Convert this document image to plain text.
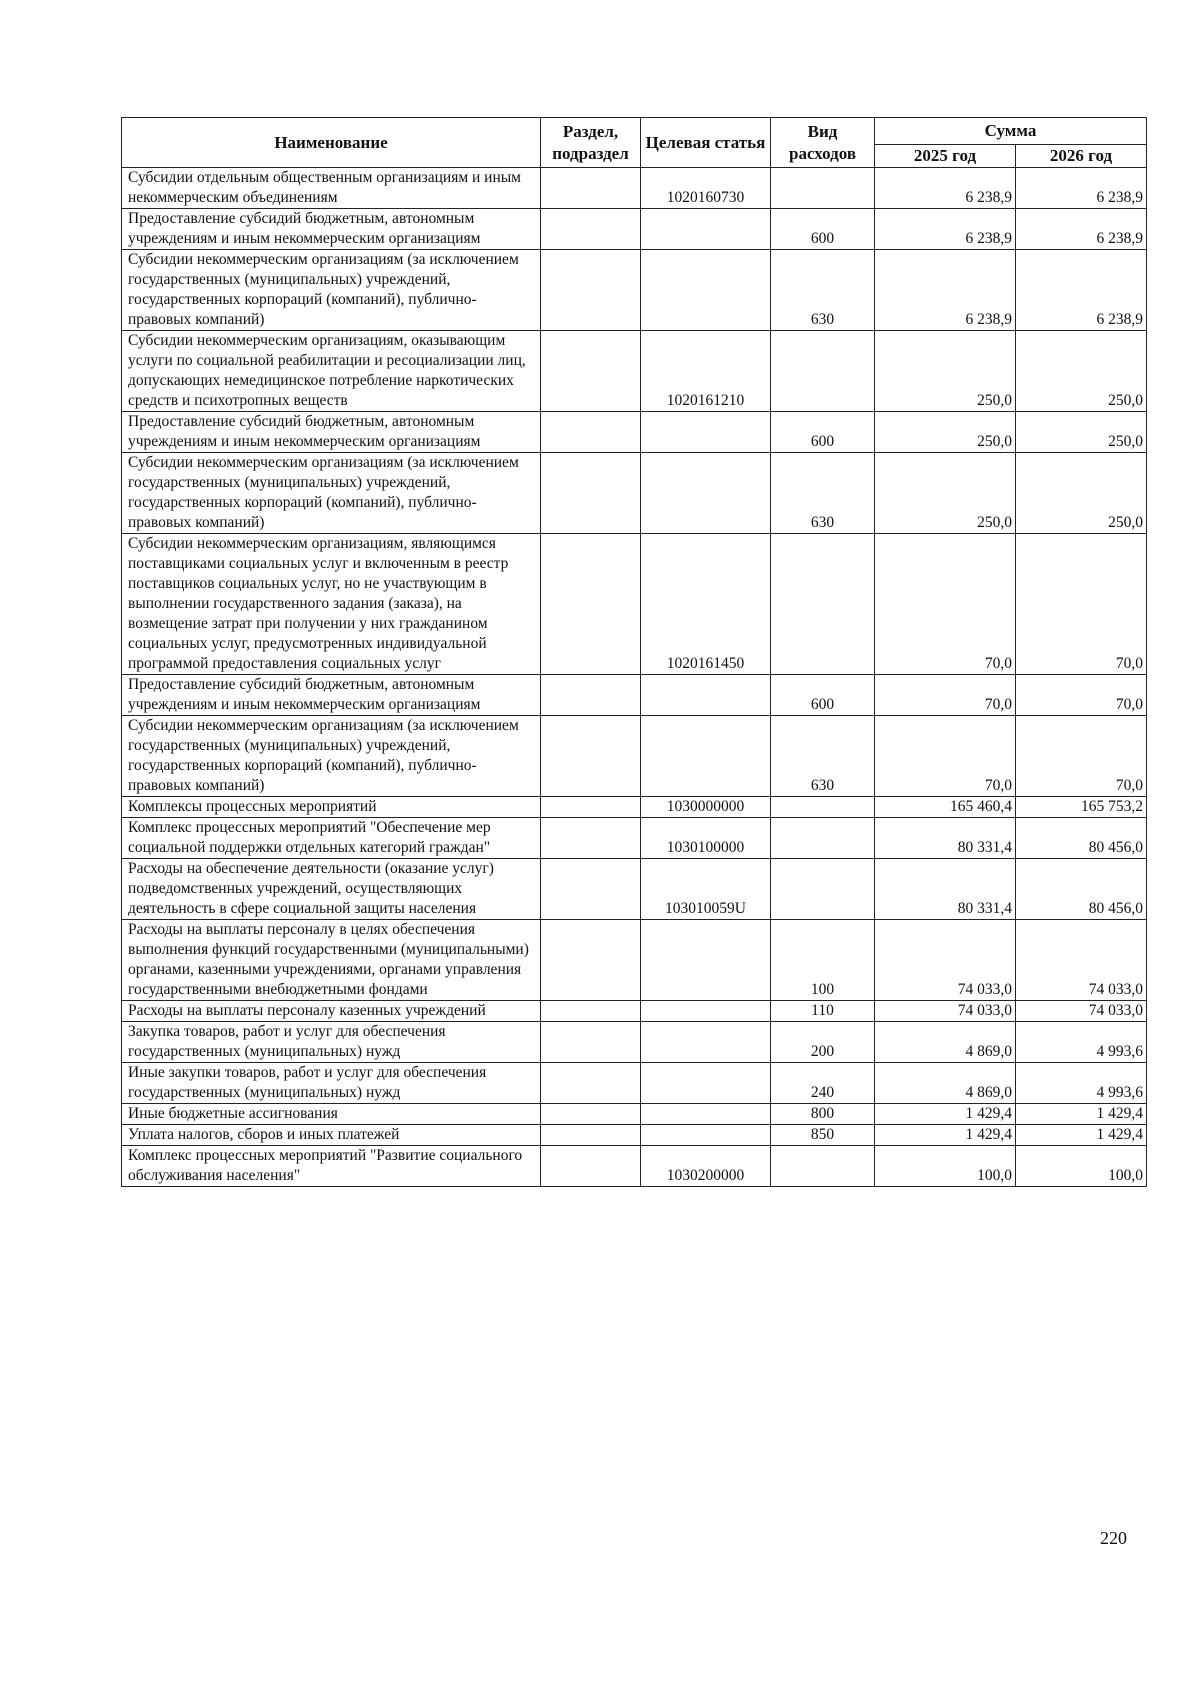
Наименование	Раздел, подраздел	Целевая статья	Вид расходов	Сумма	
				2025 год	2026 год
Субсидии отдельным общественным организациям и иным некоммерческим объединениям		1020160730		6 238,9	6 238,9
Предоставление субсидий бюджетным, автономным учреждениям и иным некоммерческим организациям			600	6 238,9	6 238,9
Субсидии некоммерческим организациям (за исключением государственных (муниципальных) учреждений, государственных корпораций (компаний), публично-правовых компаний)			630	6 238,9	6 238,9
Субсидии некоммерческим организациям, оказывающим услуги по социальной реабилитации и ресоциализации лиц, допускающих немедицинское потребление наркотических средств и психотропных веществ		1020161210		250,0	250,0
Предоставление субсидий бюджетным, автономным учреждениям и иным некоммерческим организациям			600	250,0	250,0
Субсидии некоммерческим организациям (за исключением государственных (муниципальных) учреждений, государственных корпораций (компаний), публично-правовых компаний)			630	250,0	250,0
Субсидии некоммерческим организациям, являющимся поставщиками социальных услуг и включенным в реестр поставщиков социальных услуг, но не участвующим в выполнении государственного задания (заказа), на возмещение затрат при получении у них гражданином социальных услуг, предусмотренных индивидуальной программой предоставления социальных услуг		1020161450		70,0	70,0
Предоставление субсидий бюджетным, автономным учреждениям и иным некоммерческим организациям			600	70,0	70,0
Субсидии некоммерческим организациям (за исключением государственных (муниципальных) учреждений, государственных корпораций (компаний), публично-правовых компаний)			630	70,0	70,0
Комплексы процессных мероприятий		1030000000		165 460,4	165 753,2
Комплекс процессных мероприятий "Обеспечение мер социальной поддержки отдельных категорий граждан"		1030100000		80 331,4	80 456,0
Расходы на обеспечение деятельности (оказание услуг) подведомственных учреждений, осуществляющих деятельность в сфере социальной защиты населения		103010059U		80 331,4	80 456,0
Расходы на выплаты персоналу в целях обеспечения выполнения функций государственными (муниципальными) органами, казенными учреждениями, органами управления государственными внебюджетными фондами			100	74 033,0	74 033,0
Расходы на выплаты персоналу казенных учреждений			110	74 033,0	74 033,0
Закупка товаров, работ и услуг для обеспечения государственных (муниципальных) нужд			200	4 869,0	4 993,6
Иные закупки товаров, работ и услуг для обеспечения государственных (муниципальных) нужд			240	4 869,0	4 993,6
Иные бюджетные ассигнования			800	1 429,4	1 429,4
Уплата налогов, сборов и иных платежей			850	1 429,4	1 429,4
Комплекс процессных мероприятий "Развитие социального обслуживания населения"		1030200000		100,0	100,0
220
